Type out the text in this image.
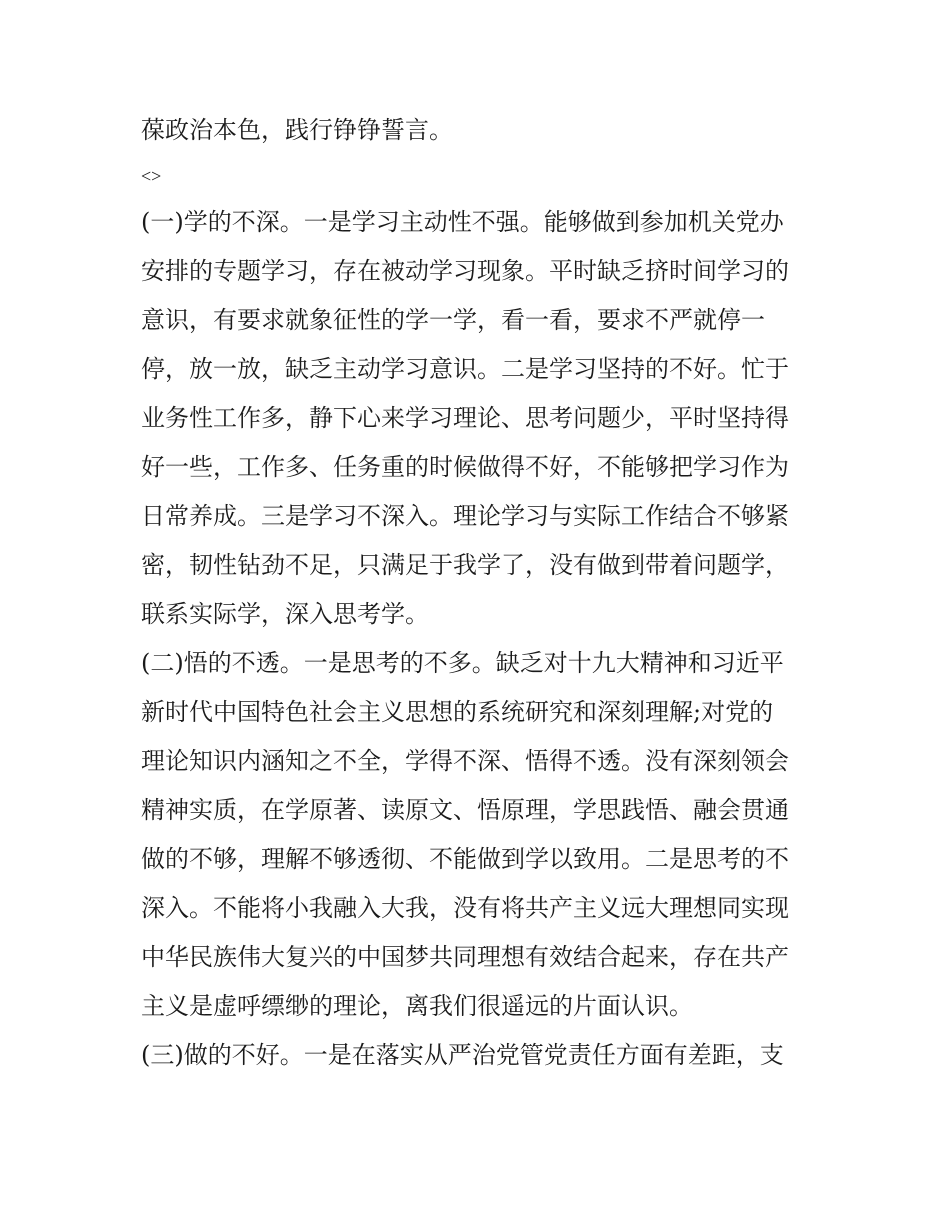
葆政治本色，践行铮铮誓言。
<>
(一)学的不深。一是学习主动性不强。能够做到参加机关党办
安排的专题学习，存在被动学习现象。平时缺乏挤时间学习的
意识，有要求就象征性的学一学，看一看，要求不严就停一
停，放一放，缺乏主动学习意识。二是学习坚持的不好。忙于
业务性工作多，静下心来学习理论、思考问题少，平时坚持得
好一些，工作多、任务重的时候做得不好，不能够把学习作为
日常养成。三是学习不深入。理论学习与实际工作结合不够紧
密，韧性钻劲不足，只满足于我学了，没有做到带着问题学，
联系实际学，深入思考学。
(二)悟的不透。一是思考的不多。缺乏对十九大精神和习近平
新时代中国特色社会主义思想的系统研究和深刻理解;对党的
理论知识内涵知之不全，学得不深、悟得不透。没有深刻领会
精神实质，在学原著、读原文、悟原理，学思践悟、融会贯通
做的不够，理解不够透彻、不能做到学以致用。二是思考的不
深入。不能将小我融入大我，没有将共产主义远大理想同实现
中华民族伟大复兴的中国梦共同理想有效结合起来，存在共产
主义是虚呼缥缈的理论，离我们很遥远的片面认识。
(三)做的不好。一是在落实从严治党管党责任方面有差距，支
